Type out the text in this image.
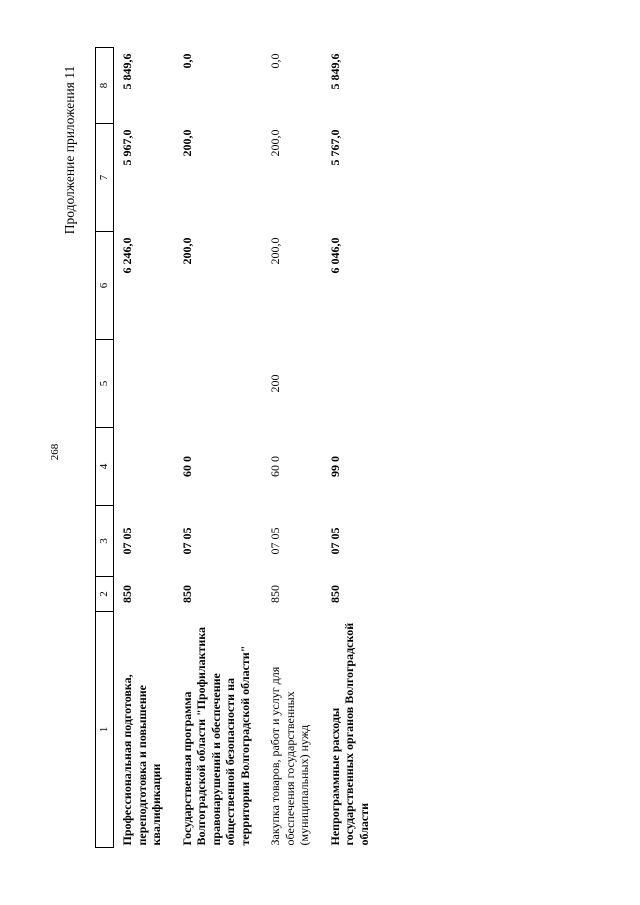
268
Продолжение приложения 11
1	2	3	4	5	6	7	8
Профессиональная подготовка, переподготовка и повышение квалификации	850	07 05			6 246,0	5 967,0	5 849,6
Государственная программа Волгоградской области "Профилактика правонарушений и обеспечение общественной безопасности на территории Волгоградской области"	850	07 05	60 0		200,0	200,0	0,0
Закупка товаров, работ и услуг для обеспечения государственных (муниципальных) нужд	850	07 05	60 0	200	200,0	200,0	0,0
Непрограммные расходы государственных органов Волгоградской области	850	07 05	99 0		6 046,0	5 767,0	5 849,6
